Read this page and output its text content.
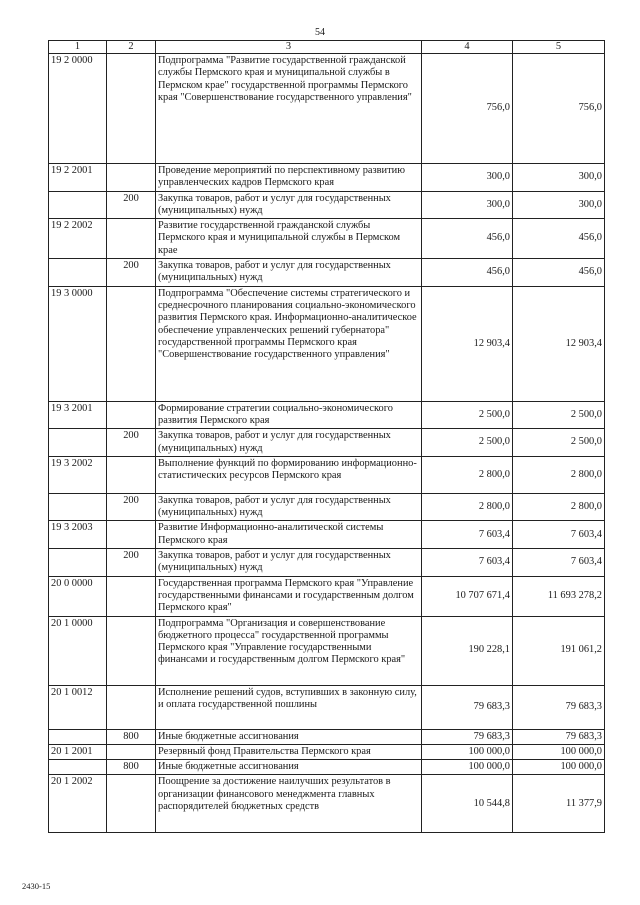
54
1	2	3	4	5
19 2 0000		Подпрограмма "Развитие государственной гражданской службы Пермского края и муниципальной службы в Пермском крае" государственной программы Пермского края "Совершенствование государственного управления"	756,0	756,0
19 2 2001		Проведение мероприятий по перспективному развитию управленческих кадров Пермского края	300,0	300,0
	200	Закупка товаров, работ и услуг для государственных (муниципальных) нужд	300,0	300,0
19 2 2002		Развитие государственной гражданской службы Пермского края и муниципальной службы в Пермском крае	456,0	456,0
	200	Закупка товаров, работ и услуг для государственных (муниципальных) нужд	456,0	456,0
19 3 0000		Подпрограмма "Обеспечение системы стратегического и среднесрочного планирования социально-экономического развития Пермского края. Информационно-аналитическое обеспечение управленческих решений губернатора" государственной программы Пермского края "Совершенствование государственного управления"	12 903,4	12 903,4
19 3 2001		Формирование стратегии социально-экономического развития Пермского края	2 500,0	2 500,0
	200	Закупка товаров, работ и услуг для государственных (муниципальных) нужд	2 500,0	2 500,0
19 3 2002		Выполнение функций по формированию информационно-статистических ресурсов Пермского края	2 800,0	2 800,0
	200	Закупка товаров, работ и услуг для государственных (муниципальных) нужд	2 800,0	2 800,0
19 3 2003		Развитие Информационно-аналитической системы Пермского края	7 603,4	7 603,4
	200	Закупка товаров, работ и услуг для государственных (муниципальных) нужд	7 603,4	7 603,4
20 0 0000		Государственная программа Пермского края "Управление государственными финансами и государственным долгом Пермского края"	10 707 671,4	11 693 278,2
20 1 0000		Подпрограмма "Организация и совершенствование бюджетного процесса" государственной программы Пермского края "Управление государственными финансами и государственным долгом Пермского края"	190 228,1	191 061,2
20 1 0012		Исполнение решений судов, вступивших в законную силу, и оплата государственной пошлины	79 683,3	79 683,3
	800	Иные бюджетные ассигнования	79 683,3	79 683,3
20 1 2001		Резервный фонд Правительства Пермского края	100 000,0	100 000,0
	800	Иные бюджетные ассигнования	100 000,0	100 000,0
20 1 2002		Поощрение за достижение наилучших результатов в организации финансового менеджмента главных распорядителей бюджетных средств	10 544,8	11 377,9
2430-15
